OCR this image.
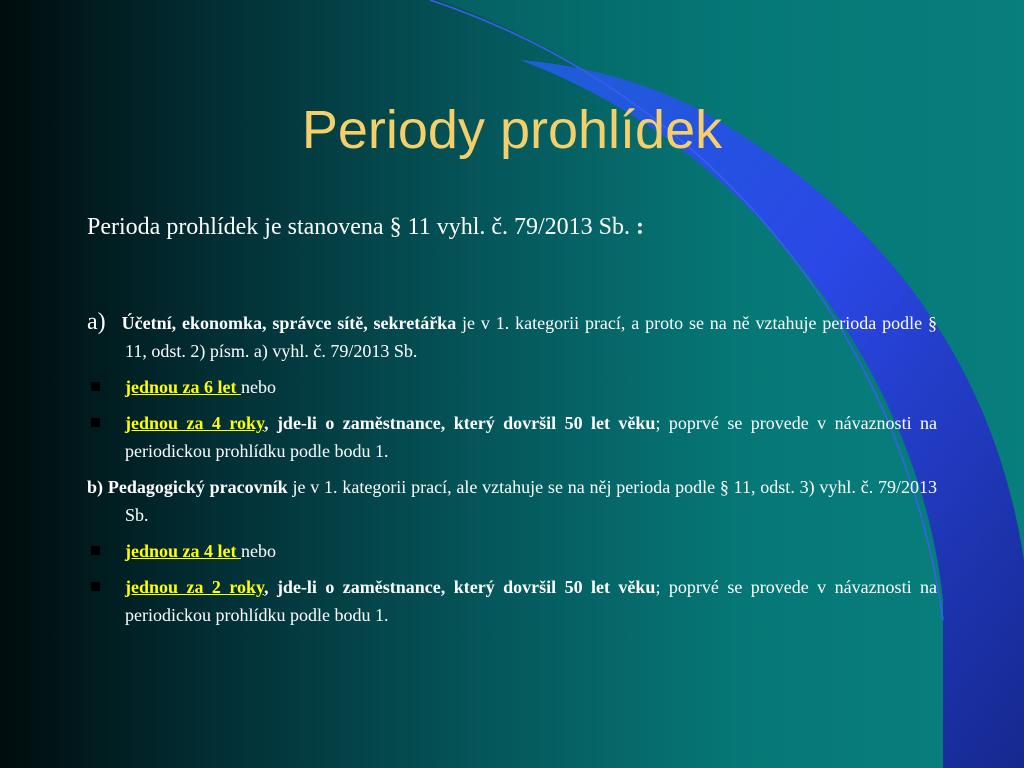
Periody prohlídek

Perioda prohlídek je stanovena § 11 vyhl. č. 79/2013 Sb. :

a) Účetní, ekonomka, správce sítě, sekretářka je v 1. kategorii prací, a proto se na ně vztahuje perioda podle § 11, odst. 2) písm. a) vyhl. č. 79/2013 Sb.

jednou za 6 let nebo

jednou za 4 roky, jde-li o zaměstnance, který dovršil 50 let věku; poprvé se provede v návaznosti na periodickou prohlídku podle bodu 1.

b) Pedagogický pracovník je v 1. kategorii prací, ale vztahuje se na něj perioda podle § 11, odst. 3) vyhl. č. 79/2013 Sb.

jednou za 4 let nebo

jednou za 2 roky, jde-li o zaměstnance, který dovršil 50 let věku; poprvé se provede v návaznosti na periodickou prohlídku podle bodu 1.
